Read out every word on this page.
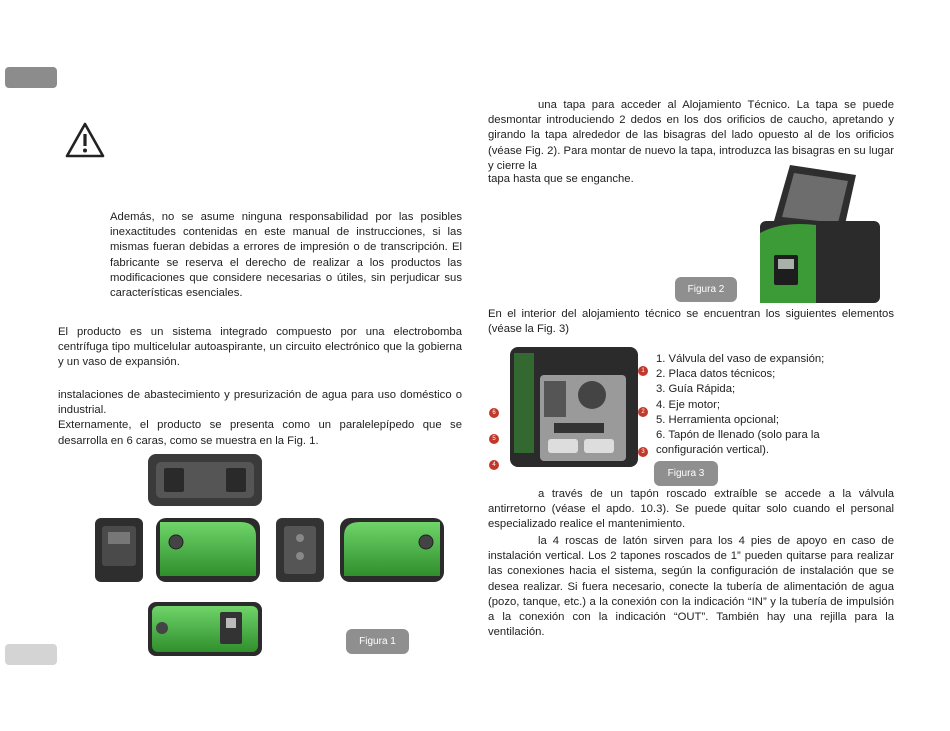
Además, no se asume ninguna responsabilidad por las posibles inexactitudes contenidas en este manual de instrucciones, si las mismas fueran debidas a errores de impresión o de transcripción. El fabricante se reserva el derecho de realizar a los productos las modificaciones que considere necesarias o útiles, sin perjudicar sus características esenciales.

El producto es un sistema integrado compuesto por una electrobomba centrífuga tipo multicelular autoaspirante, un circuito electrónico que la gobierna y un vaso de expansión.

instalaciones de abastecimiento y presurización de agua para uso doméstico o industrial.

Externamente, el producto se presenta como un paralelepípedo que se desarrolla en 6 caras, como se muestra en la Fig. 1.

Figura 1

una tapa para acceder al Alojamiento Técnico. La tapa se puede desmontar introduciendo 2 dedos en los dos orificios de caucho, apretando y girando la tapa alrededor de las bisagras del lado opuesto al de los orificios (véase Fig. 2). Para montar de nuevo la tapa, introduzca las bisagras en su lugar y cierre la

tapa hasta que se enganche.
Figura 2

En el interior del alojamiento técnico se encuentran los siguientes elementos (véase la Fig. 3)

1
2
3
4
5
6
1. Válvula del vaso de expansión;
2. Placa datos técnicos;
3. Guía Rápida;
4. Eje motor;
5. Herramienta opcional;
6. Tapón de llenado (solo para la
configuración vertical).
Figura 3

a través de un tapón roscado extraíble se accede a la válvula antirretorno (véase el apdo. 10.3). Se puede quitar solo cuando el personal especializado realice el mantenimiento.

la 4 roscas de latón sirven para los 4 pies de apoyo en caso de instalación vertical. Los 2 tapones roscados de 1” pueden quitarse para realizar las conexiones hacia el sistema, según la configuración de instalación que se desea realizar. Si fuera necesario, conecte la tubería de alimentación de agua (pozo, tanque, etc.) a la conexión con la indicación “IN” y la tubería de impulsión a la conexión con la indicación “OUT”. También hay una rejilla para la ventilación.
